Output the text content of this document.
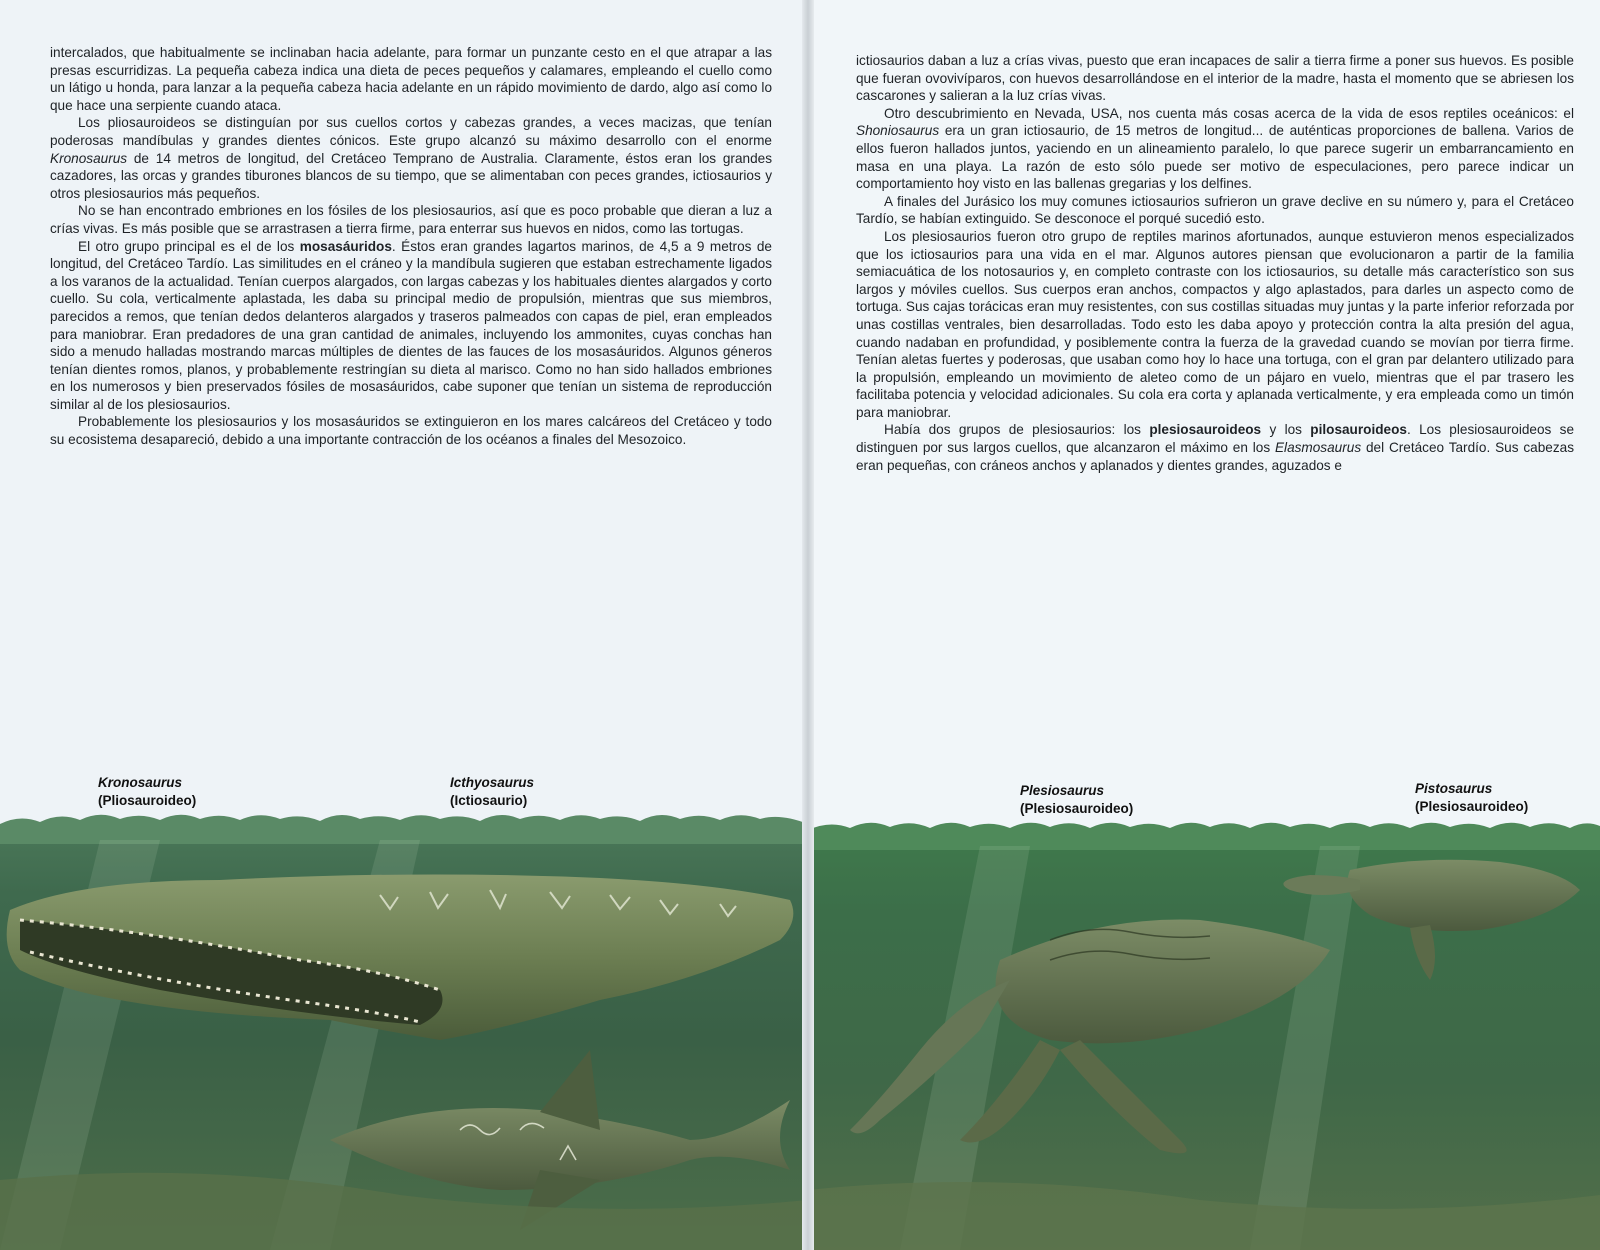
intercalados, que habitualmente se inclinaban hacia adelante, para formar un punzante cesto en el que atrapar a las presas escurridizas. La pequeña cabeza indica una dieta de peces pequeños y calamares, empleando el cuello como un látigo u honda, para lanzar a la pequeña cabeza hacia adelante en un rápido movimiento de dardo, algo así como lo que hace una serpiente cuando ataca.

Los pliosauroideos se distinguían por sus cuellos cortos y cabezas grandes, a veces macizas, que tenían poderosas mandíbulas y grandes dientes cónicos. Este grupo alcanzó su máximo desarrollo con el enorme Kronosaurus de 14 metros de longitud, del Cretáceo Temprano de Australia. Claramente, éstos eran los grandes cazadores, las orcas y grandes tiburones blancos de su tiempo, que se alimentaban con peces grandes, ictiosaurios y otros plesiosaurios más pequeños.

No se han encontrado embriones en los fósiles de los plesiosaurios, así que es poco probable que dieran a luz a crías vivas. Es más posible que se arrastrasen a tierra firme, para enterrar sus huevos en nidos, como las tortugas.

El otro grupo principal es el de los mosasáuridos. Éstos eran grandes lagartos marinos, de 4,5 a 9 metros de longitud, del Cretáceo Tardío. Las similitudes en el cráneo y la mandíbula sugieren que estaban estrechamente ligados a los varanos de la actualidad. Tenían cuerpos alargados, con largas cabezas y los habituales dientes alargados y corto cuello. Su cola, verticalmente aplastada, les daba su principal medio de propulsión, mientras que sus miembros, parecidos a remos, que tenían dedos delanteros alargados y traseros palmeados con capas de piel, eran empleados para maniobrar. Eran predadores de una gran cantidad de animales, incluyendo los ammonites, cuyas conchas han sido a menudo halladas mostrando marcas múltiples de dientes de las fauces de los mosasáuridos. Algunos géneros tenían dientes romos, planos, y probablemente restringían su dieta al marisco. Como no han sido hallados embriones en los numerosos y bien preservados fósiles de mosasáuridos, cabe suponer que tenían un sistema de reproducción similar al de los plesiosaurios.

Probablemente los plesiosaurios y los mosasáuridos se extinguieron en los mares calcáreos del Cretáceo y todo su ecosistema desapareció, debido a una importante contracción de los océanos a finales del Mesozoico.

ictiosaurios daban a luz a crías vivas, puesto que eran incapaces de salir a tierra firme a poner sus huevos. Es posible que fueran ovovivíparos, con huevos desarrollándose en el interior de la madre, hasta el momento que se abriesen los cascarones y salieran a la luz crías vivas.

Otro descubrimiento en Nevada, USA, nos cuenta más cosas acerca de la vida de esos reptiles oceánicos: el Shoniosaurus era un gran ictiosaurio, de 15 metros de longitud... de auténticas proporciones de ballena. Varios de ellos fueron hallados juntos, yaciendo en un alineamiento paralelo, lo que parece sugerir un embarrancamiento en masa en una playa. La razón de esto sólo puede ser motivo de especulaciones, pero parece indicar un comportamiento hoy visto en las ballenas gregarias y los delfines.

A finales del Jurásico los muy comunes ictiosaurios sufrieron un grave declive en su número y, para el Cretáceo Tardío, se habían extinguido. Se desconoce el porqué sucedió esto.

Los plesiosaurios fueron otro grupo de reptiles marinos afortunados, aunque estuvieron menos especializados que los ictiosaurios para una vida en el mar. Algunos autores piensan que evolucionaron a partir de la familia semiacuática de los notosaurios y, en completo contraste con los ictiosaurios, su detalle más característico son sus largos y móviles cuellos. Sus cuerpos eran anchos, compactos y algo aplastados, para darles un aspecto como de tortuga. Sus cajas torácicas eran muy resistentes, con sus costillas situadas muy juntas y la parte inferior reforzada por unas costillas ventrales, bien desarrolladas. Todo esto les daba apoyo y protección contra la alta presión del agua, cuando nadaban en profundidad, y posiblemente contra la fuerza de la gravedad cuando se movían por tierra firme. Tenían aletas fuertes y poderosas, que usaban como hoy lo hace una tortuga, con el gran par delantero utilizado para la propulsión, empleando un movimiento de aleteo como de un pájaro en vuelo, mientras que el par trasero les facilitaba potencia y velocidad adicionales. Su cola era corta y aplanada verticalmente, y era empleada como un timón para maniobrar.

Había dos grupos de plesiosaurios: los plesiosauroideos y los pilosauroideos. Los plesiosauroideos se distinguen por sus largos cuellos, que alcanzaron el máximo en los Elasmosaurus del Cretáceo Tardío. Sus cabezas eran pequeñas, con cráneos anchos y aplanados y dientes grandes, aguzados e

Kronosaurus
(Pliosauroideo)
Icthyosaurus
(Ictiosaurio)
Plesiosaurus
(Plesiosauroideo)
Pistosaurus
(Plesiosauroideo)
